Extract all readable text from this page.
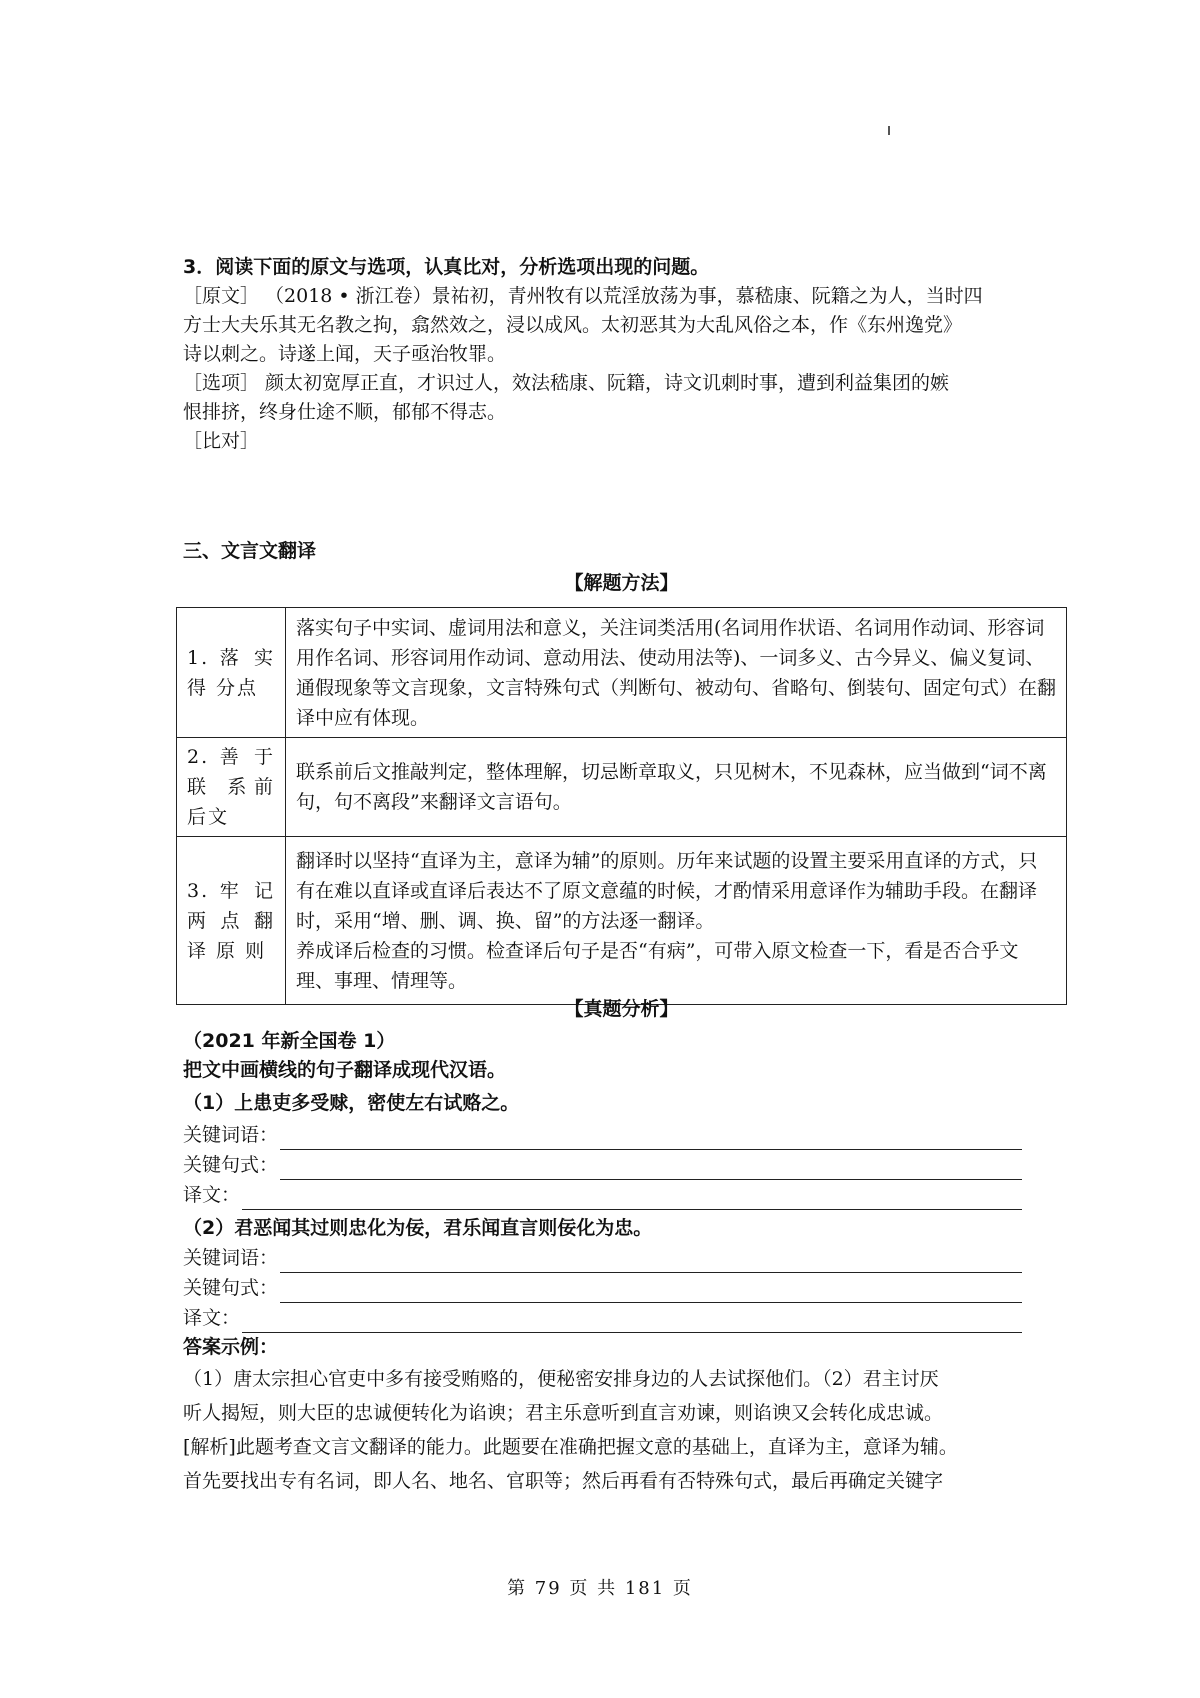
3．阅读下面的原文与选项，认真比对，分析选项出现的问题。

［原文］ （2018 • 浙江卷）景祐初，青州牧有以荒淫放荡为事，慕嵇康、阮籍之为人，当时四

方士大夫乐其无名教之拘，翕然效之，浸以成风。太初恶其为大乱风俗之本，作《东州逸党》

诗以刺之。诗遂上闻，天子亟治牧罪。

［选项］ 颜太初宽厚正直，才识过人，效法嵇康、阮籍，诗文讥刺时事，遭到利益集团的嫉

恨排挤，终身仕途不顺，郁郁不得志。

［比对］

三、文言文翻译
【解题方法】
1. 落 实 得 分点	落实句子中实词、虚词用法和意义，关注词类活用(名词用作状语、名词用作动词、形容词用作名词、形容词用作动词、意动用法、使动用法等)、一词多义、古今异义、偏义复词、通假现象等文言现象，文言特殊句式（判断句、被动句、省略句、倒装句、固定句式）在翻译中应有体现。
2. 善 于 联 系前后文	联系前后文推敲判定，整体理解，切忌断章取义，只见树木，不见森林，应当做到“词不离句，句不离段”来翻译文言语句。
3. 牢 记 两 点 翻 译 原 则	翻译时以坚持“直译为主，意译为辅”的原则。历年来试题的设置主要采用直译的方式，只有在难以直译或直译后表达不了原文意蕴的时候，才酌情采用意译作为辅助手段。在翻译时，采用“增、删、调、换、留”的方法逐一翻译。
养成译后检查的习惯。检查译后句子是否“有病”，可带入原文检查一下，看是否合乎文理、事理、情理等。
【真题分析】

（2021 年新全国卷 1）

把文中画横线的句子翻译成现代汉语。

（1）上患吏多受赇，密使左右试赂之。

关键词语：
关键句式：
译文：

（2）君恶闻其过则忠化为佞，君乐闻直言则佞化为忠。

关键词语：
关键句式：
译文：

答案示例：

（1）唐太宗担心官吏中多有接受贿赂的，便秘密安排身边的人去试探他们。（2）君主讨厌

听人揭短，则大臣的忠诚便转化为谄谀；君主乐意听到直言劝谏，则谄谀又会转化成忠诚。

[解析]此题考查文言文翻译的能力。此题要在准确把握文意的基础上，直译为主，意译为辅。

首先要找出专有名词，即人名、地名、官职等；然后再看有否特殊句式，最后再确定关键字

第 79 页 共 181 页
